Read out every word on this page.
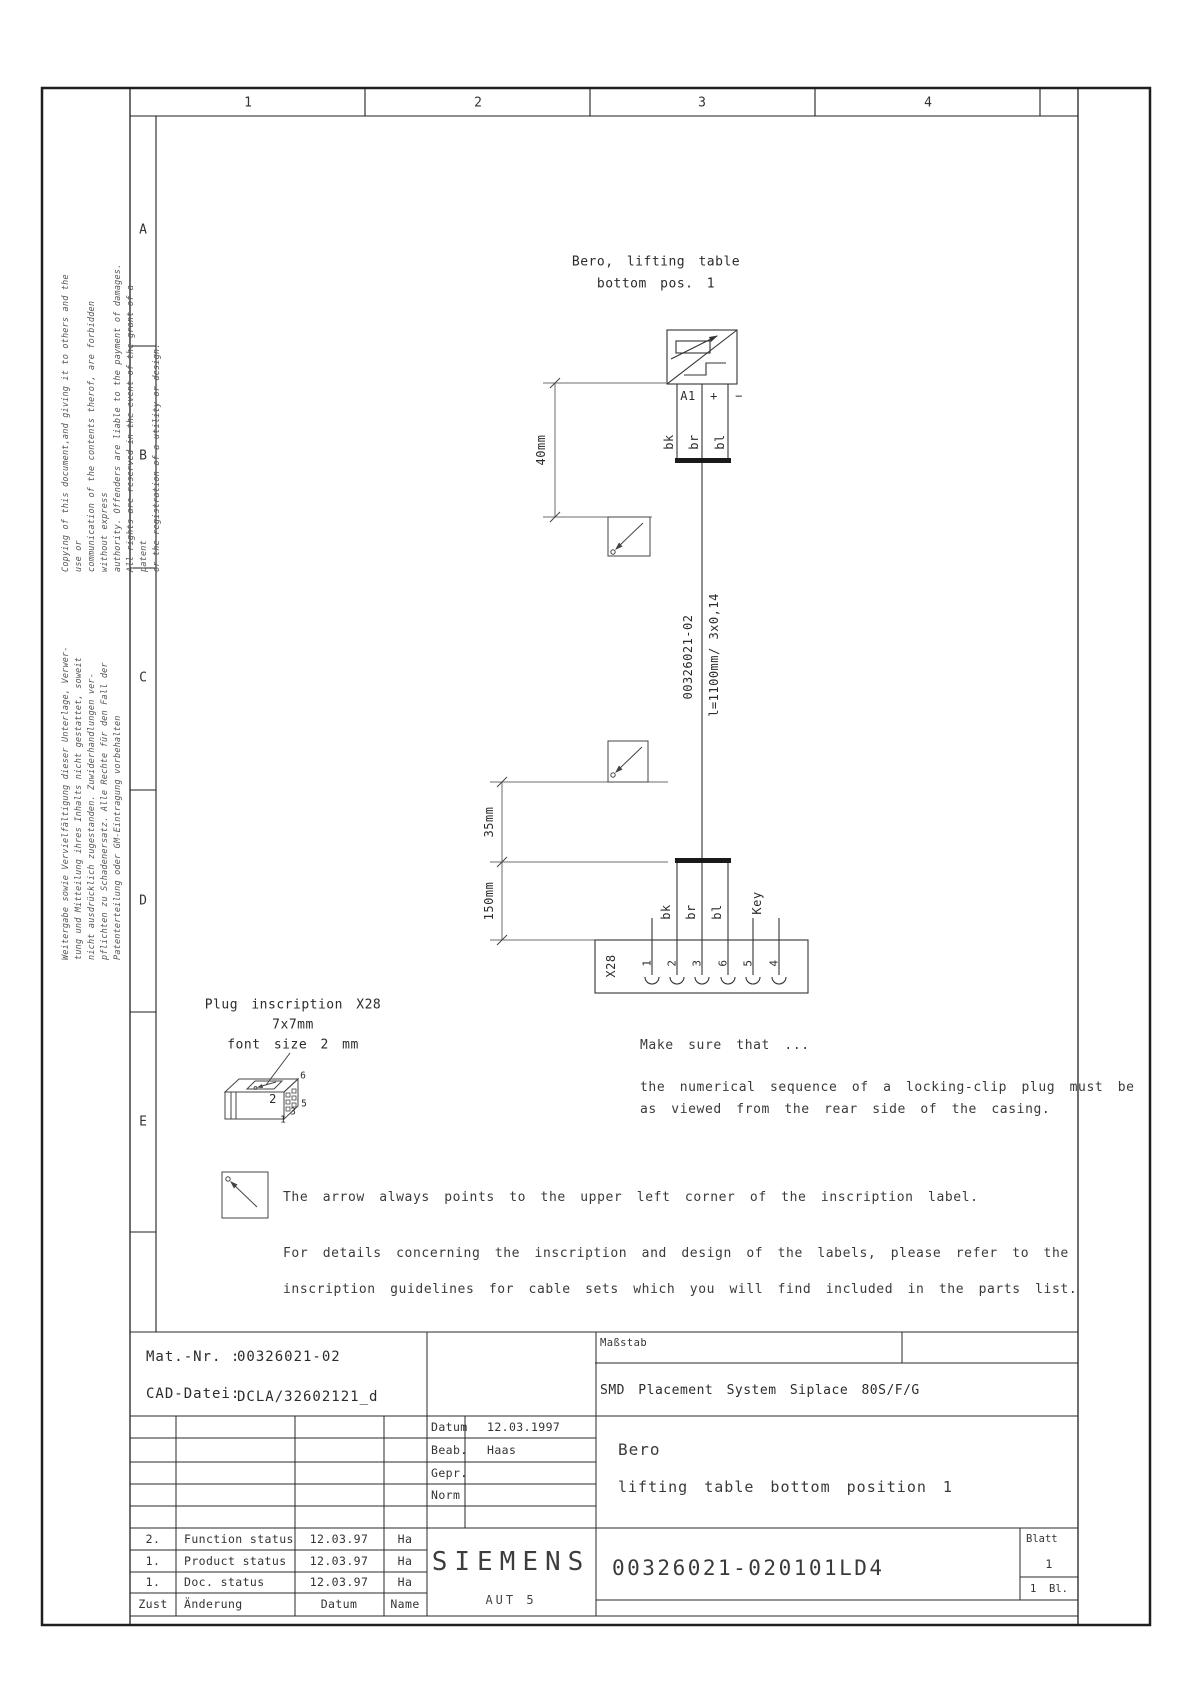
1	2	3	4
A
B
C
D
E
Copying of this document,and giving it to others and the use or communication of the contents therof, are forbidden without express authority. Offenders are liable to the payment of damages. All rights are reserved in the event of the grant of a patent or the registration of a utility or design.
Weitergabe sowie Vervielfältigung dieser Unterlage, Verwer- tung und Mitteilung ihres Inhalts nicht gestattet, soweit nicht ausdrücklich zugestanden. Zuwiderhandlungen ver- pflichten zu Schadenersatz. Alle Rechte für den Fall der Patenterteilung oder GM-Eintragung vorbehalten
Bero, lifting table
bottom pos. 1
A1 + −
bk br bl
40mm
35mm
150mm
00326021-02 l=1100mm/ 3x0,14
bk br bl Key
X28 1 2 3 6 5 4
Plug inscription X28
7x7mm
font size 2 mm
6
2	5
3
1
Make sure that ...
the numerical sequence of a locking-clip plug must be
as viewed from the rear side of the casing.
The arrow always points to the upper left corner of the inscription label.
For details concerning the inscription and design of the labels, please refer to the
inscription guidelines for cable sets which you will find included in the parts list.
Mat.-Nr. :
00326021-02
CAD-Datei:
DCLA/32602121_d
Maßstab
SMD Placement System Siplace 80S/F/G
Datum 12.03.1997
Beab. Haas
Gepr.
Norm
Bero
lifting table bottom position 1
2. Function status 12.03.97	Ha
1. Product status 12.03.97	Ha
1. Doc. status	12.03.97	Ha
Zust Änderung	Datum	Name
SIEMENS
AUT 5
00326021-020101LD4
Blatt
1
1  Bl.
